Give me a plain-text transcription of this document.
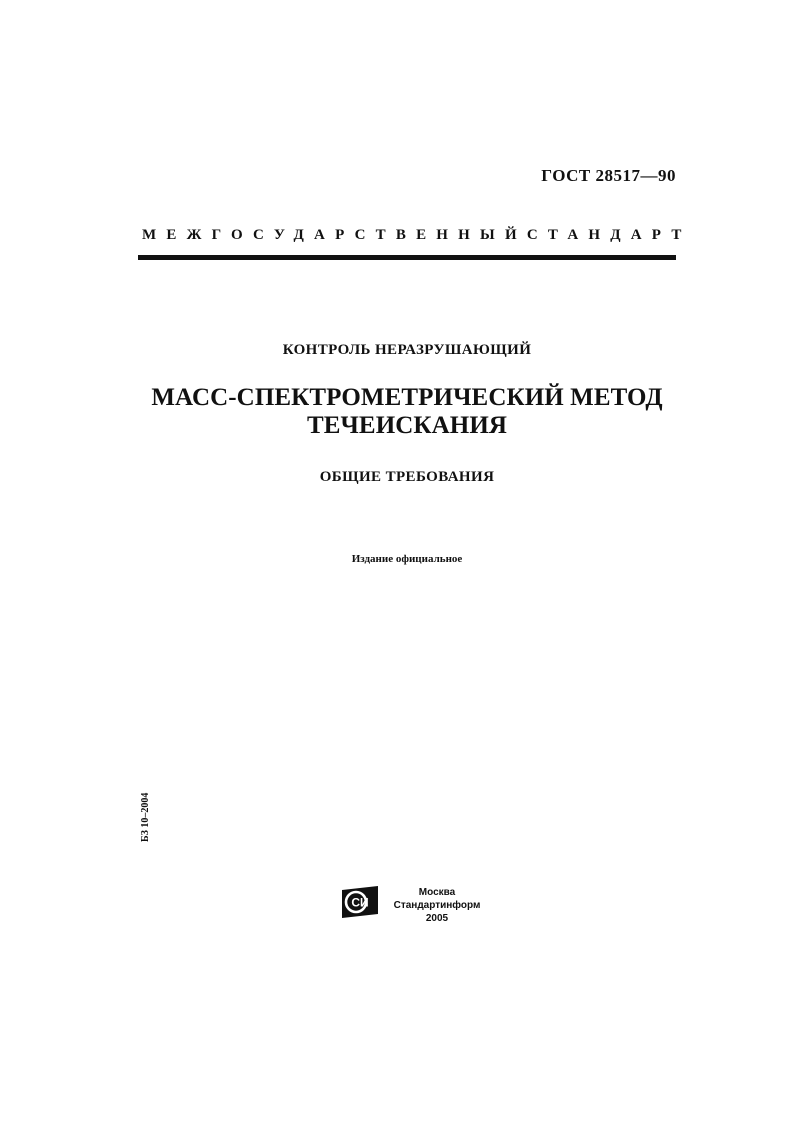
ГОСТ 28517—90
МЕЖГОСУДАРСТВЕННЫЙ СТАНДАРТ
КОНТРОЛЬ НЕРАЗРУШАЮЩИЙ
МАСС-СПЕКТРОМЕТРИЧЕСКИЙ МЕТОД
ТЕЧЕИСКАНИЯ
ОБЩИЕ ТРЕБОВАНИЯ
Издание официальное
БЗ 10–2004
СИ
Москва
Стандартинформ
2005
